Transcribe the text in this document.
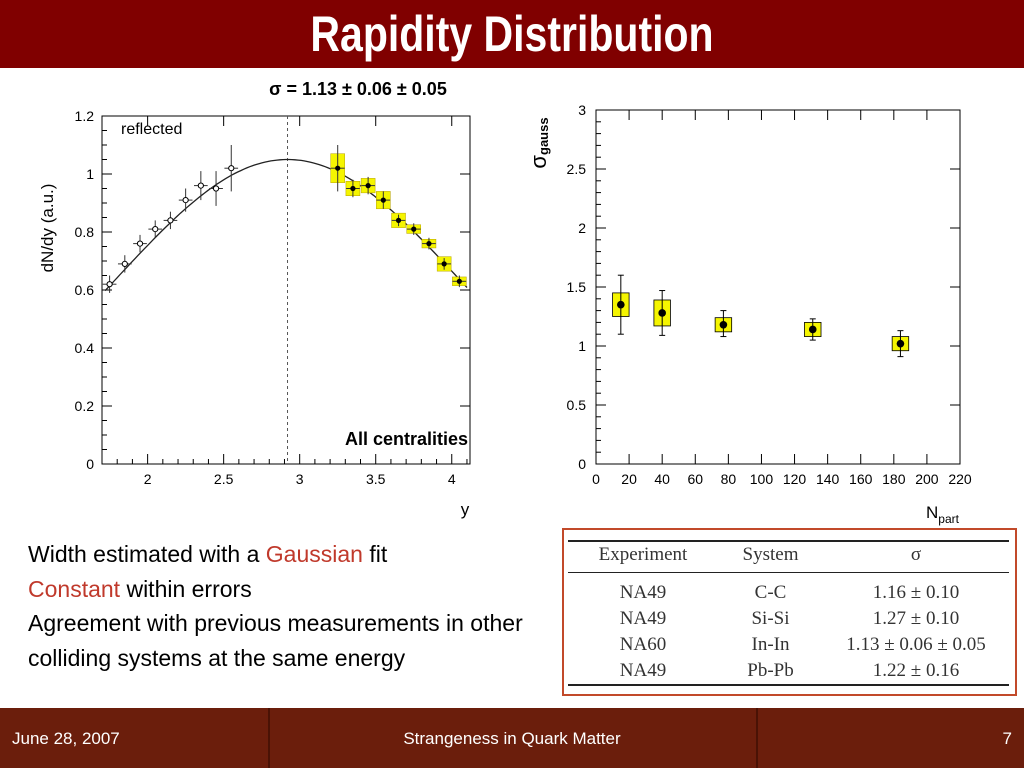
Rapidity Distribution
σ = 1.13 ± 0.06 ± 0.05
2	2.5	3	3.5	4
0
0.2
0.4
0.6
0.8
1
1.2
reflected
All centralities
dN/dy (a.u.)
y
0 20 40 60 80 100 120 140 160 180 200 220
0
0.5
1
1.5
2
2.5
3
σgauss
$N_{part}$
Width estimated with a Gaussian fit
Constant within errors
Agreement with previous measurements in other colliding systems at the same energy
Experiment	System	σ
NA49	C-C	1.16 ± 0.10
NA49	Si-Si	1.27 ± 0.10
NA60	In-In	1.13 ± 0.06 ± 0.05
NA49	Pb-Pb	1.22 ± 0.16
June 28, 2007	Strangeness in Quark Matter	7
